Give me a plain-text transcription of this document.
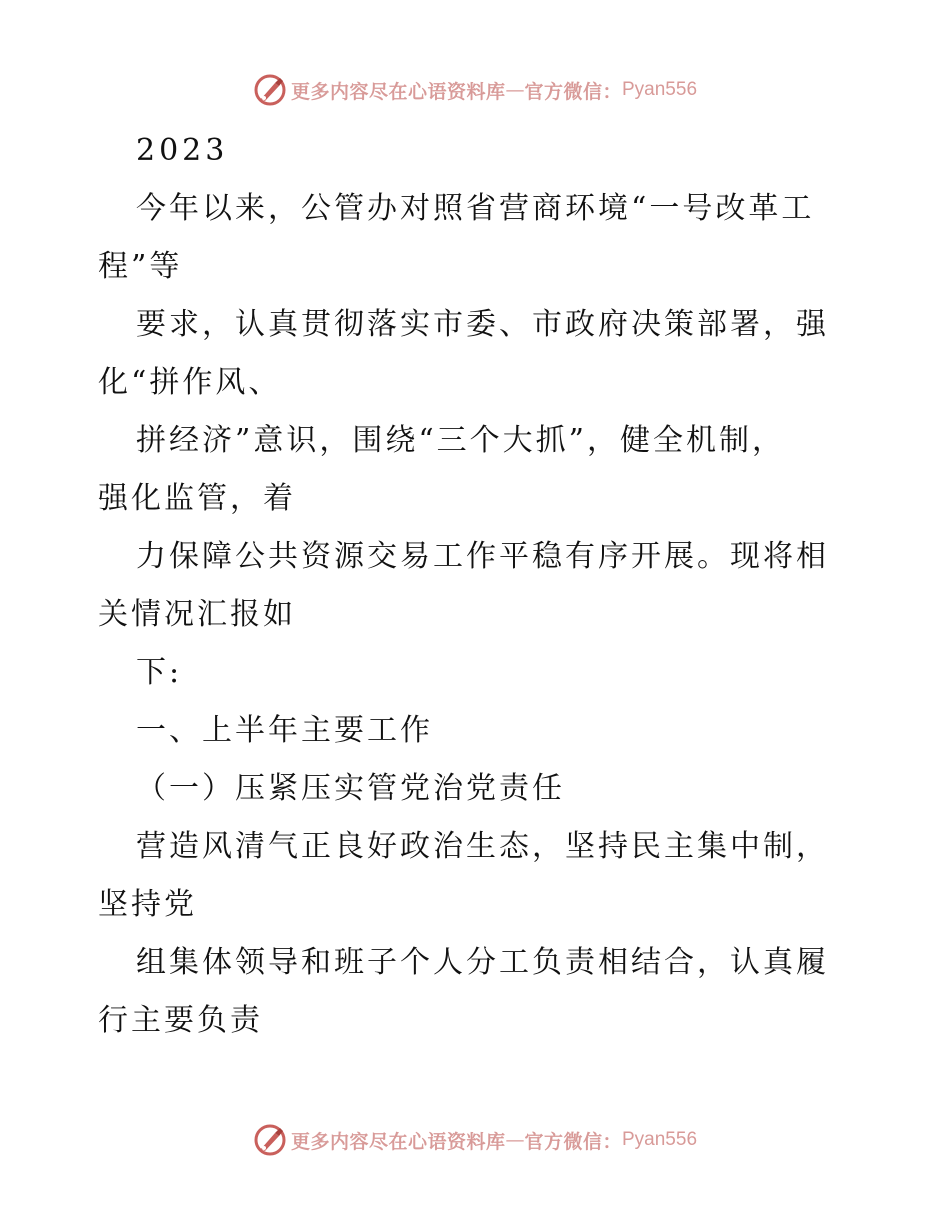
更多内容尽在心语资料库 — 官方微信： Pyan556
2023
今年以来，公管办对照省营商环境“一号改革工
程”等
要求，认真贯彻落实市委、市政府决策部署，强
化“拼作风、
拼经济”意识，围绕“三个大抓”，健全机制，
强化监管，着
力保障公共资源交易工作平稳有序开展。现将相
关情况汇报如
下:
一、上半年主要工作
（一）压紧压实管党治党责任
营造风清气正良好政治生态，坚持民主集中制，
坚持党
组集体领导和班子个人分工负责相结合，认真履
行主要负责
更多内容尽在心语资料库 — 官方微信： Pyan556
